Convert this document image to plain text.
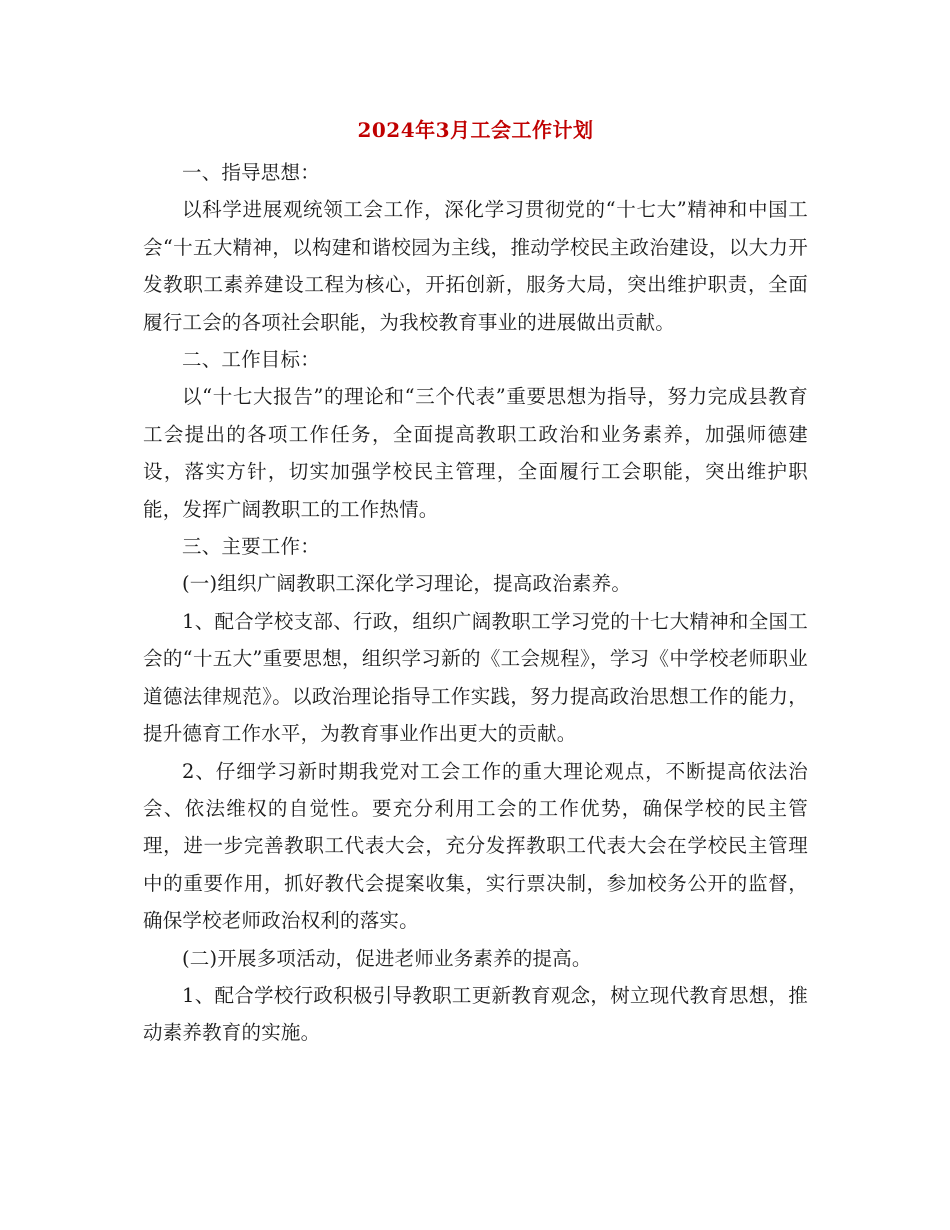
2024年3月工会工作计划

一、指导思想：

以科学进展观统领工会工作，深化学习贯彻党的“十七大”精神和中国工会“十五大精神，以构建和谐校园为主线，推动学校民主政治建设，以大力开发教职工素养建设工程为核心，开拓创新，服务大局，突出维护职责，全面履行工会的各项社会职能，为我校教育事业的进展做出贡献。

二、工作目标：

以“十七大报告”的理论和“三个代表”重要思想为指导，努力完成县教育工会提出的各项工作任务，全面提高教职工政治和业务素养，加强师德建设，落实方针，切实加强学校民主管理，全面履行工会职能，突出维护职能，发挥广阔教职工的工作热情。

三、主要工作：

(一)组织广阔教职工深化学习理论，提高政治素养。

1、配合学校支部、行政，组织广阔教职工学习党的十七大精神和全国工会的“十五大”重要思想，组织学习新的《工会规程》，学习《中学校老师职业道德法律规范》。以政治理论指导工作实践，努力提高政治思想工作的能力，提升德育工作水平，为教育事业作出更大的贡献。

2、仔细学习新时期我党对工会工作的重大理论观点，不断提高依法治会、依法维权的自觉性。要充分利用工会的工作优势，确保学校的民主管理，进一步完善教职工代表大会，充分发挥教职工代表大会在学校民主管理中的重要作用，抓好教代会提案收集，实行票决制，参加校务公开的监督，确保学校老师政治权利的落实。

(二)开展多项活动，促进老师业务素养的提高。

1、配合学校行政积极引导教职工更新教育观念，树立现代教育思想，推动素养教育的实施。
